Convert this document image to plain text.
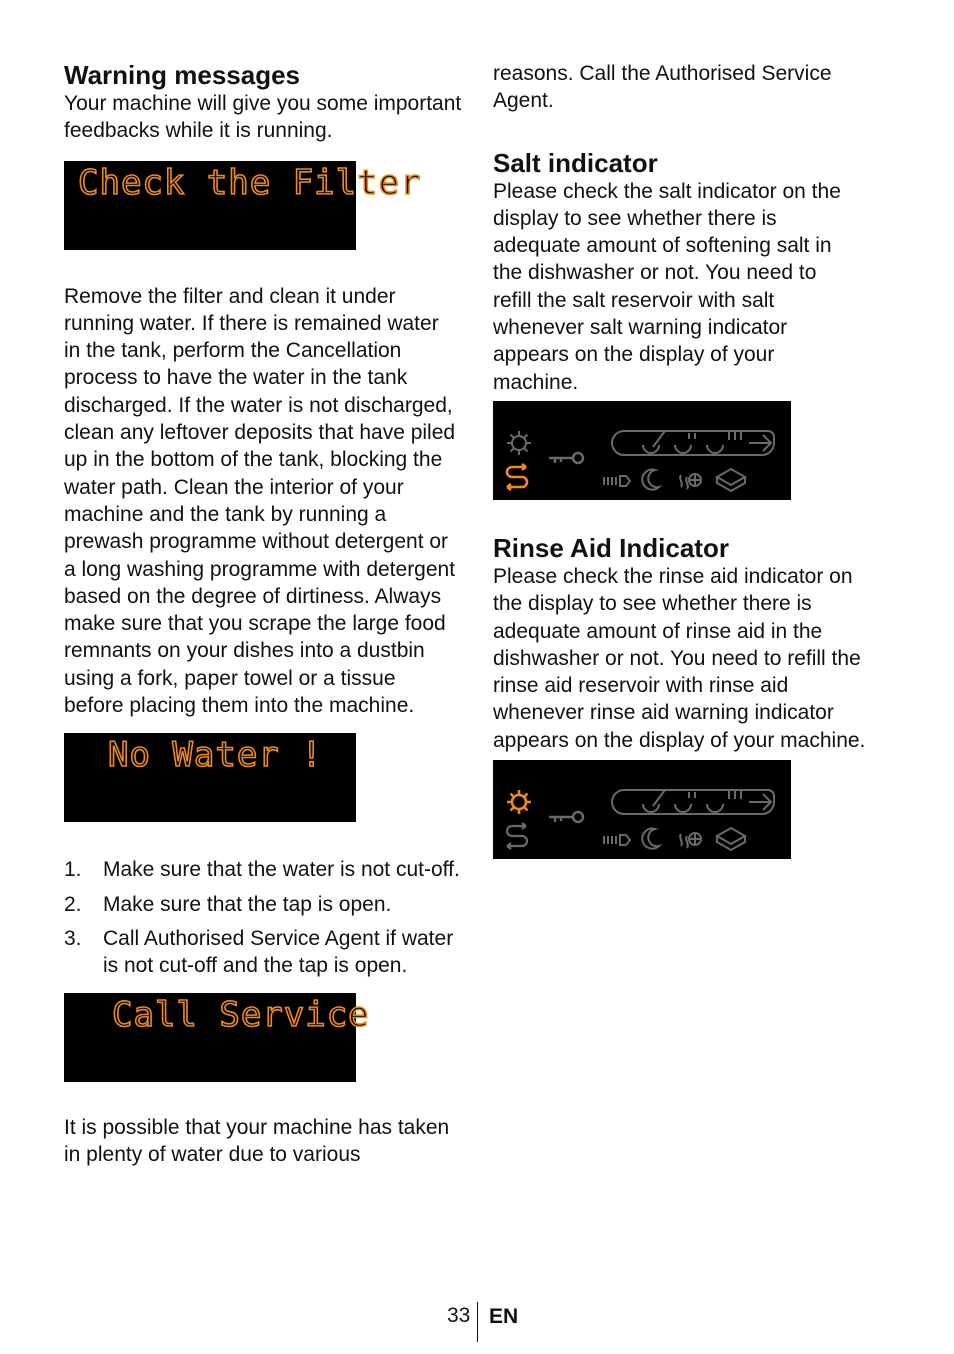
Warning messages

Your machine will give you some important feedbacks while it is running.

Check the Filter

Remove the filter and clean it under running water. If there is remained water in the tank, perform the Cancellation process to have the water in the tank discharged. If the water is not discharged, clean any leftover deposits that have piled up in the bottom of the tank, blocking the water path. Clean the interior of your machine and the tank by running a prewash programme without detergent or a long washing programme with detergent based on the degree of dirtiness. Always make sure that you scrape the large food remnants on your dishes into a dustbin using a fork, paper towel or a tissue before placing them into the machine.

No Water !
1.	Make sure that the water is not cut-off.
2.	Make sure that the tap is open.
3.	Call Authorised Service Agent if water is not cut-off and the tap is open.
Call Service

It is possible that your machine has taken in plenty of water due to various

reasons. Call the Authorised Service Agent.

Salt indicator

Please check the salt indicator on the display to see whether there is adequate amount of softening salt in the dishwasher or not. You need to refill the salt reservoir with salt whenever salt warning indicator appears on the display of your machine.

Rinse Aid Indicator

Please check the rinse aid indicator on the display to see whether there is adequate amount of rinse aid in the dishwasher or not. You need to refill the rinse aid reservoir with rinse aid whenever rinse aid warning indicator appears on the display of your machine.

33 EN
